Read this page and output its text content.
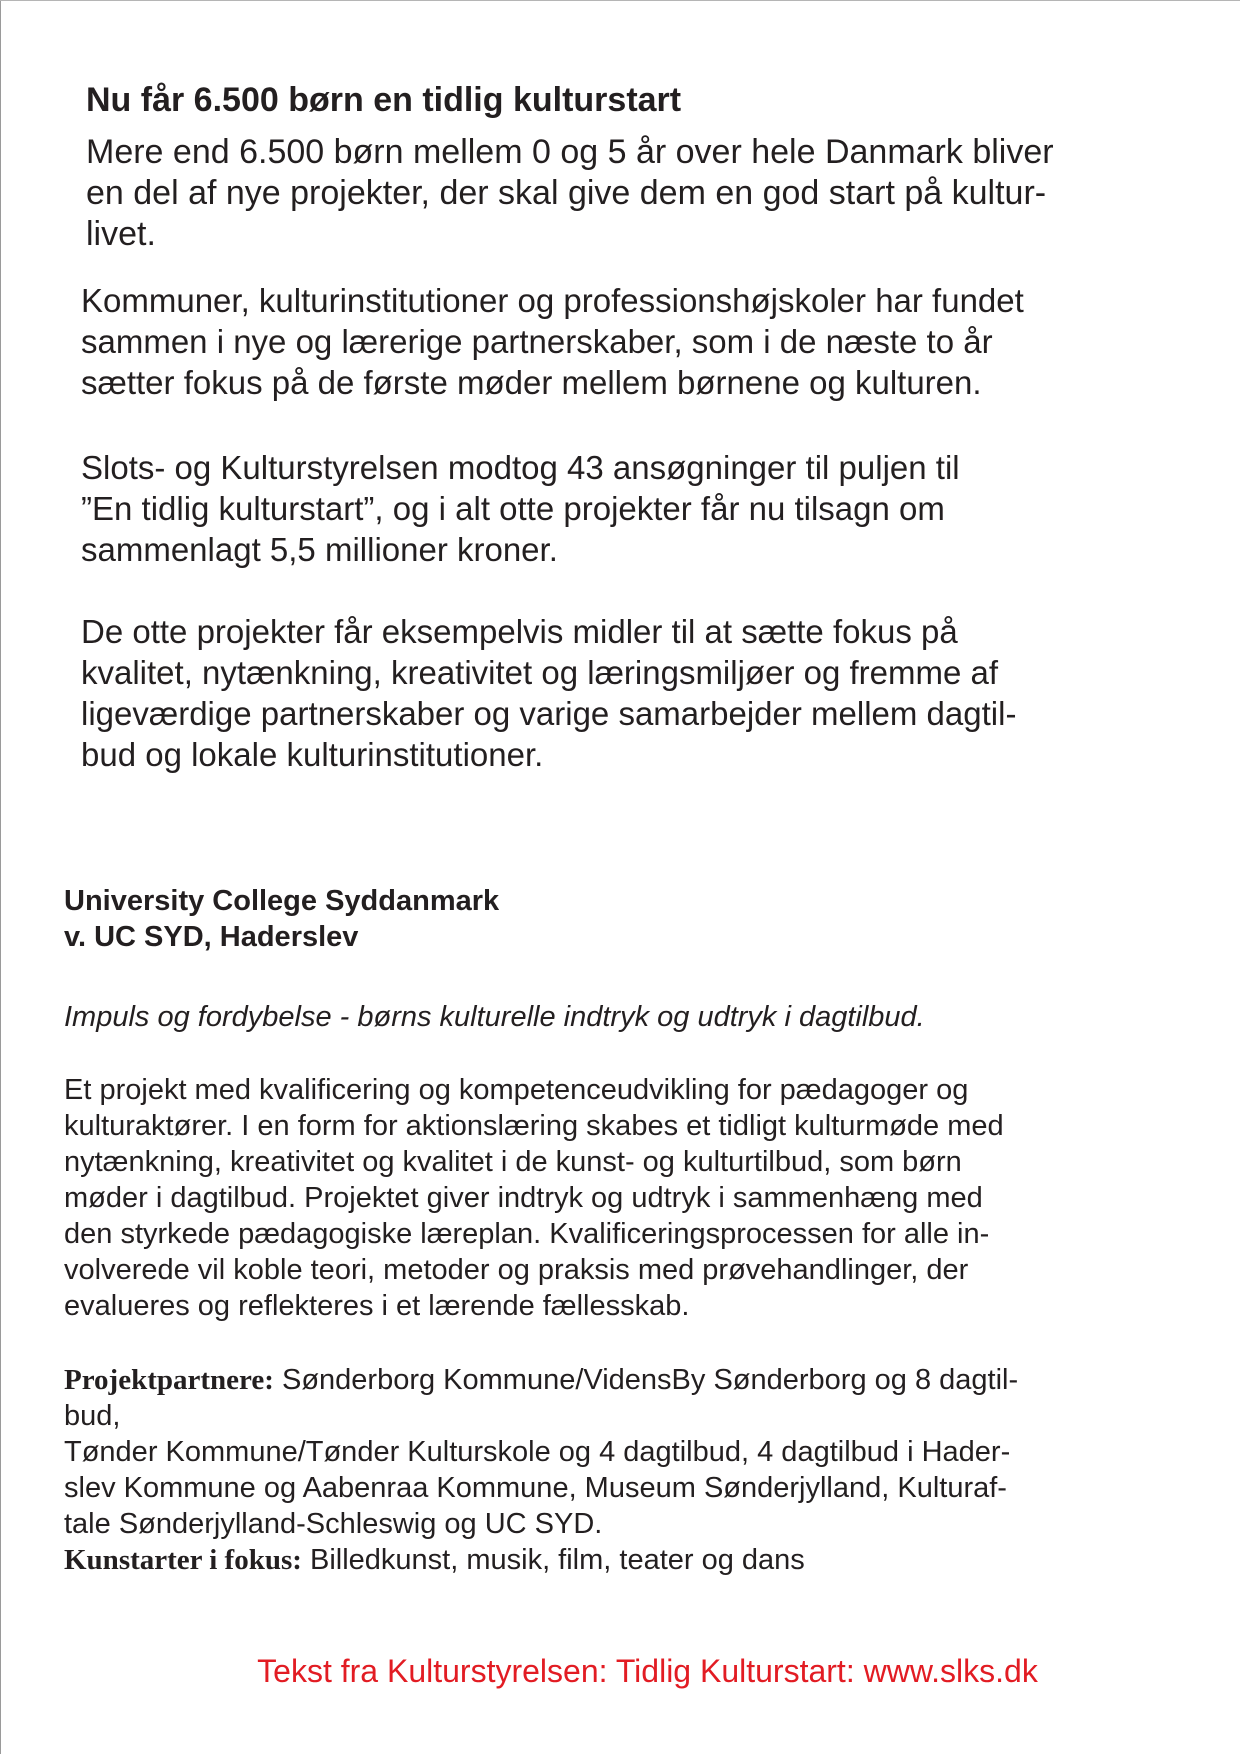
Nu får 6.500 børn en tidlig kulturstart

Mere end 6.500 børn mellem 0 og 5 år over hele Danmark bliver
en del af nye projekter, der skal give dem en god start på kultur-
livet.

Kommuner, kulturinstitutioner og professionshøjskoler har fundet
sammen i nye og lærerige partnerskaber, som i de næste to år
sætter fokus på de første møder mellem børnene og kulturen.

Slots- og Kulturstyrelsen modtog 43 ansøgninger til puljen til
”En tidlig kulturstart”, og i alt otte projekter får nu tilsagn om
sammenlagt 5,5 millioner kroner.

De otte projekter får eksempelvis midler til at sætte fokus på
kvalitet, nytænkning, kreativitet og læringsmiljøer og fremme af
ligeværdige partnerskaber og varige samarbejder mellem dagtil-
bud og lokale kulturinstitutioner.

University College Syddanmark
v. UC SYD, Haderslev

Impuls og fordybelse - børns kulturelle indtryk og udtryk i dagtilbud.

Et projekt med kvalificering og kompetenceudvikling for pædagoger og
kulturaktører. I en form for aktionslæring skabes et tidligt kulturmøde med
nytænkning, kreativitet og kvalitet i de kunst- og kulturtilbud, som børn
møder i dagtilbud. Projektet giver indtryk og udtryk i sammenhæng med
den styrkede pædagogiske læreplan. Kvalificeringsprocessen for alle in-
volverede vil koble teori, metoder og praksis med prøvehandlinger, der
evalueres og reflekteres i et lærende fællesskab.

Projektpartnere: Sønderborg Kommune/VidensBy Sønderborg og 8 dagtil-
bud,
Tønder Kommune/Tønder Kulturskole og 4 dagtilbud, 4 dagtilbud i Hader-
slev Kommune og Aabenraa Kommune, Museum Sønderjylland, Kulturaf-
tale Sønderjylland-Schleswig og UC SYD.
Kunstarter i fokus: Billedkunst, musik, film, teater og dans

Tekst fra Kulturstyrelsen: Tidlig Kulturstart: www.slks.dk
